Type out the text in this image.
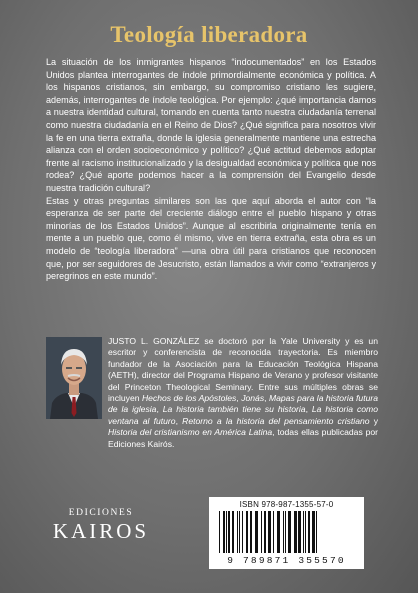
Teología liberadora

La situación de los inmigrantes hispanos “indocumentados” en los Estados Unidos plantea interrogantes de índole primordialmente económica y política. A los hispanos cristianos, sin embargo, su compromiso cristiano les sugiere, además, interrogantes de índole teológica. Por ejemplo: ¿qué importancia damos a nuestra identidad cultural, tomando en cuenta tanto nuestra ciudadanía terrenal como nuestra ciudadanía en el Reino de Dios? ¿Qué significa para nosotros vivir la fe en una tierra extraña, donde la iglesia generalmente mantiene una estrecha alianza con el orden socioeconómico y político? ¿Qué actitud debemos adoptar frente al racismo institucionalizado y la desigualdad económica y política que nos rodea? ¿Qué aporte podemos hacer a la comprensión del Evangelio desde nuestra tradición cultural?

Estas y otras preguntas similares son las que aquí aborda el autor con “la esperanza de ser parte del creciente diálogo entre el pueblo hispano y otras minorías de los Estados Unidos”. Aunque al escribirla originalmente tenía en mente a un pueblo que, como él mismo, vive en tierra extraña, esta obra es un modelo de “teología liberadora” —una obra útil para cristianos que reconocen que, por ser seguidores de Jesucristo, están llamados a vivir como “extranjeros y peregrinos en este mundo”.

JUSTO L. GONZÁLEZ se doctoró por la Yale University y es un escritor y conferencista de reconocida trayectoria. Es miembro fundador de la Asociación para la Educación Teológica Hispana (AETH), director del Programa Hispano de Verano y profesor visitante del Princeton Theological Seminary. Entre sus múltiples obras se incluyen Hechos de los Apóstoles, Jonás, Mapas para la historia futura de la iglesia, La historia también tiene su historia, La historia como ventana al futuro, Retorno a la historia del pensamiento cristiano y Historia del cristianismo en América Latina, todas ellas publicadas por Ediciones Kairós.
EDICIONES
KAIROS
ISBN 978-987-1355-57-0
9 789871 355570
